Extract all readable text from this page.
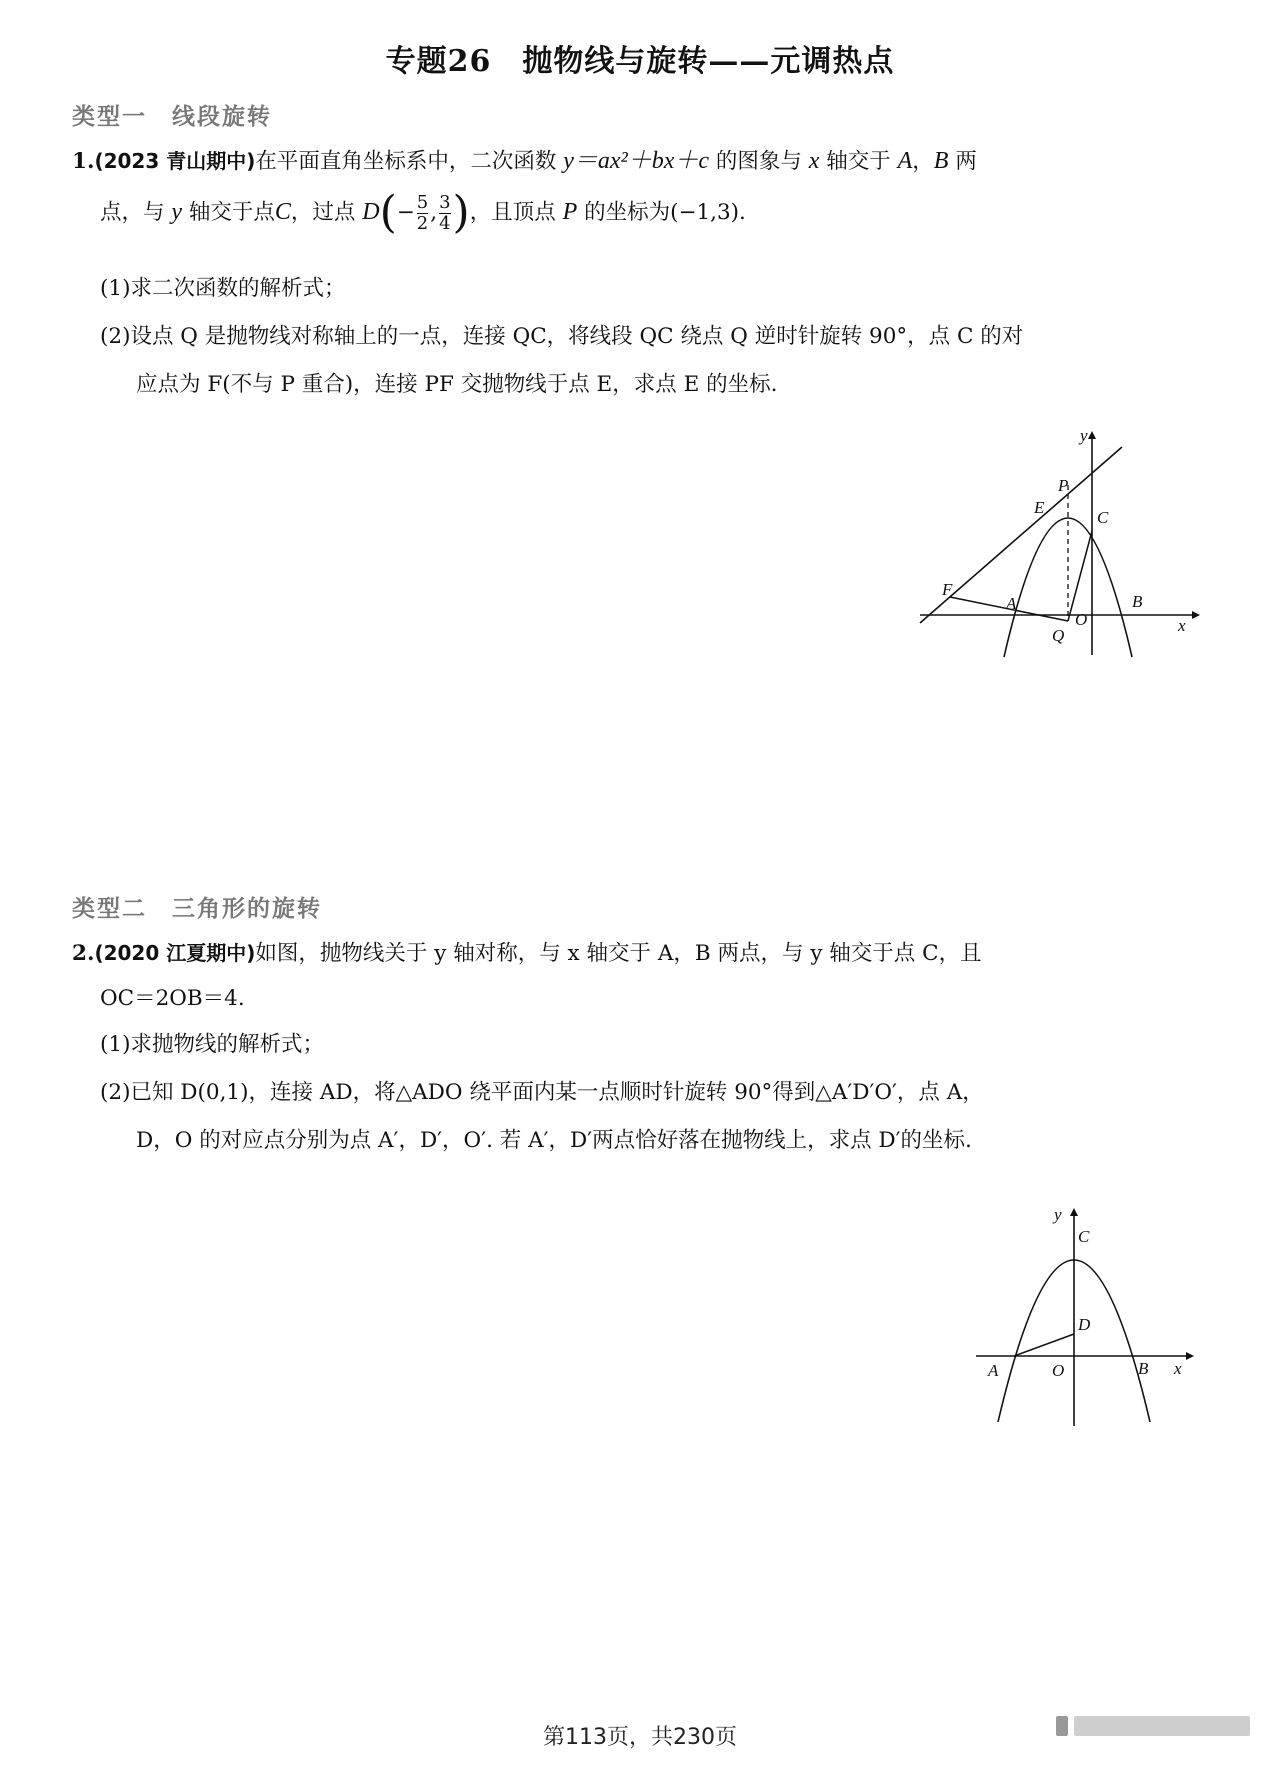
专题26　抛物线与旋转——元调热点
类型一　线段旋转
1.(2023 青山期中)在平面直角坐标系中，二次函数 y＝ax²＋bx＋c 的图象与 x 轴交于 A，B 两
点，与 y 轴交于点C，过点 $D(- \frac{5}{2}$ , $\frac{3}{4}$ )，且顶点 P 的坐标为(−1,3).
(1)求二次函数的解析式；
(2)设点 Q 是抛物线对称轴上的一点，连接 QC，将线段 QC 绕点 Q 逆时针旋转 90°，点 C 的对
应点为 F(不与 P 重合)，连接 PF 交抛物线于点 E，求点 E 的坐标.
y
x
P
E
C
F
A
O
B
Q
类型二　三角形的旋转
2.(2020 江夏期中)如图，抛物线关于 y 轴对称，与 x 轴交于 A，B 两点，与 y 轴交于点 C，且
OC＝2OB＝4.
(1)求抛物线的解析式；
(2)已知 D(0,1)，连接 AD，将△ADO 绕平面内某一点顺时针旋转 90°得到△A′D′O′，点 A，
D，O 的对应点分别为点 A′，D′，O′. 若 A′，D′两点恰好落在抛物线上，求点 D′的坐标.
y
x
C
D
A	O	B
第113页，共230页
